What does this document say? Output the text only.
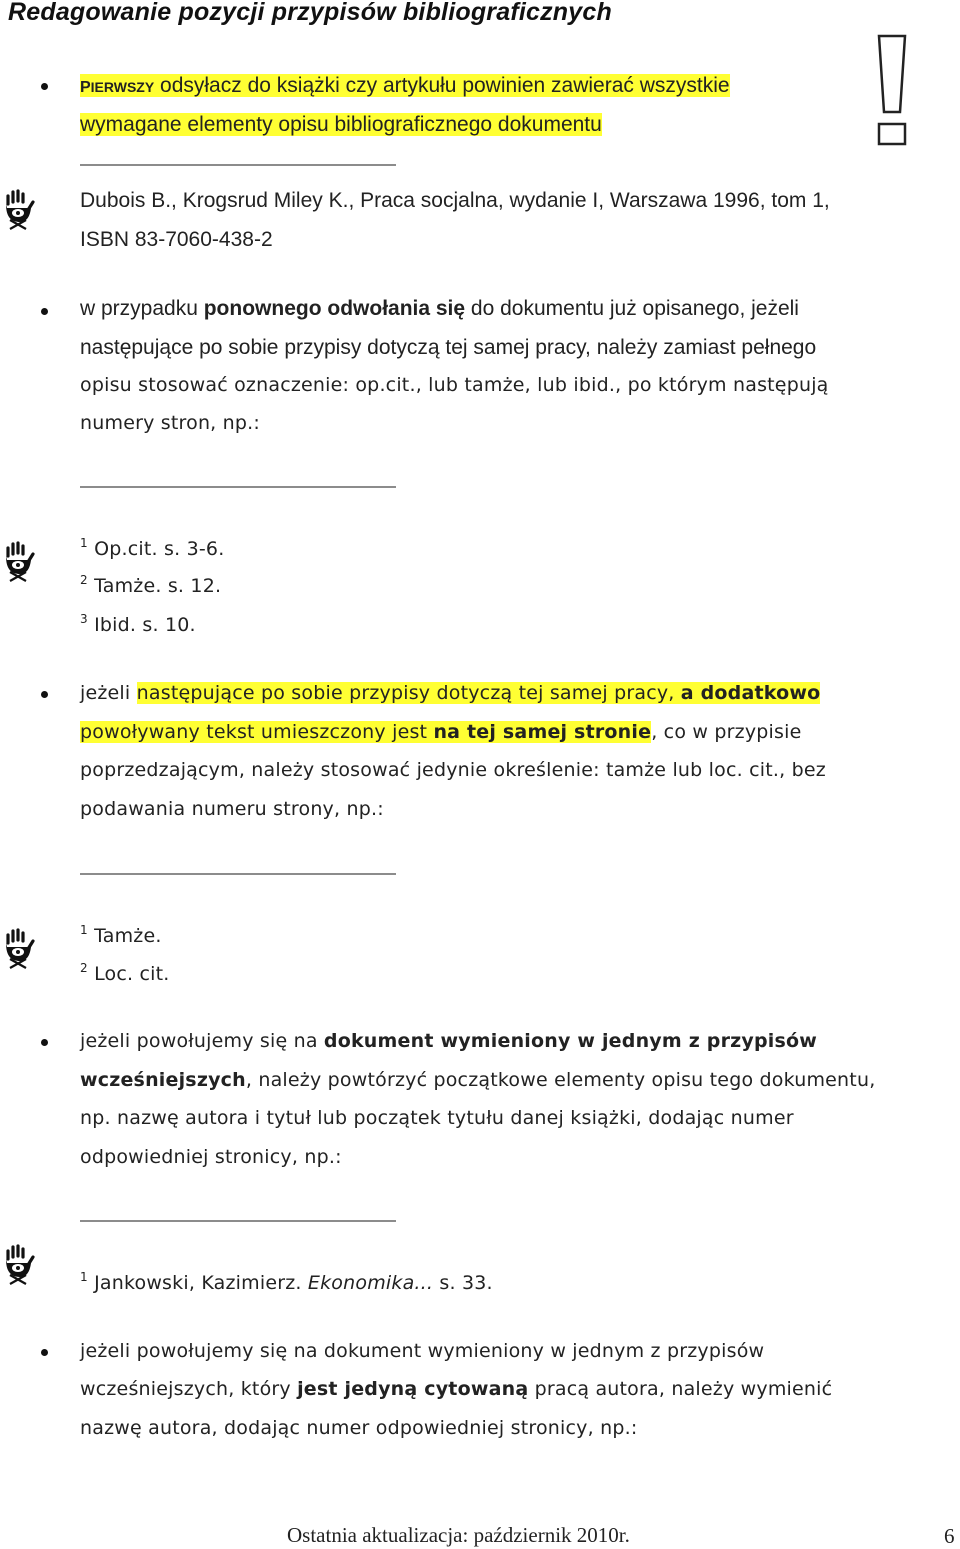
Redagowanie pozycji przypisów bibliograficznych
PIERWSZY odsyłacz do książki czy artykułu powinien zawierać wszystkie
wymagane elementy opisu bibliograficznego dokumentu
Dubois B., Krogsrud Miley K., Praca socjalna, wydanie I, Warszawa 1996, tom 1,
ISBN 83-7060-438-2
w przypadku ponownego odwołania się do dokumentu już opisanego, jeżeli
następujące po sobie przypisy dotyczą tej samej pracy, należy zamiast pełnego
opisu stosować oznaczenie: op.cit., lub tamże, lub ibid., po którym następują
numery stron, np.:
$^1$ Op.cit. s. 3-6.
$^2$ Tamże. s. 12.
$^3$ Ibid. s. 10.
jeżeli następujące po sobie przypisy dotyczą tej samej pracy, a dodatkowo
powoływany tekst umieszczony jest na tej samej stronie, co w przypisie
poprzedzającym, należy stosować jedynie określenie: tamże lub loc. cit., bez
podawania numeru strony, np.:
$^1$ Tamże.
$^2$ Loc. cit.
jeżeli powołujemy się na dokument wymieniony w jednym z przypisów
wcześniejszych, należy powtórzyć początkowe elementy opisu tego dokumentu,
np. nazwę autora i tytuł lub początek tytułu danej książki, dodając numer
odpowiedniej stronicy, np.:
$^1$ Jankowski, Kazimierz. Ekonomika... s. 33.
jeżeli powołujemy się na dokument wymieniony w jednym z przypisów
wcześniejszych, który jest jedyną cytowaną pracą autora, należy wymienić
nazwę autora, dodając numer odpowiedniej stronicy, np.:
Ostatnia aktualizacja: październik 2010r.	6
